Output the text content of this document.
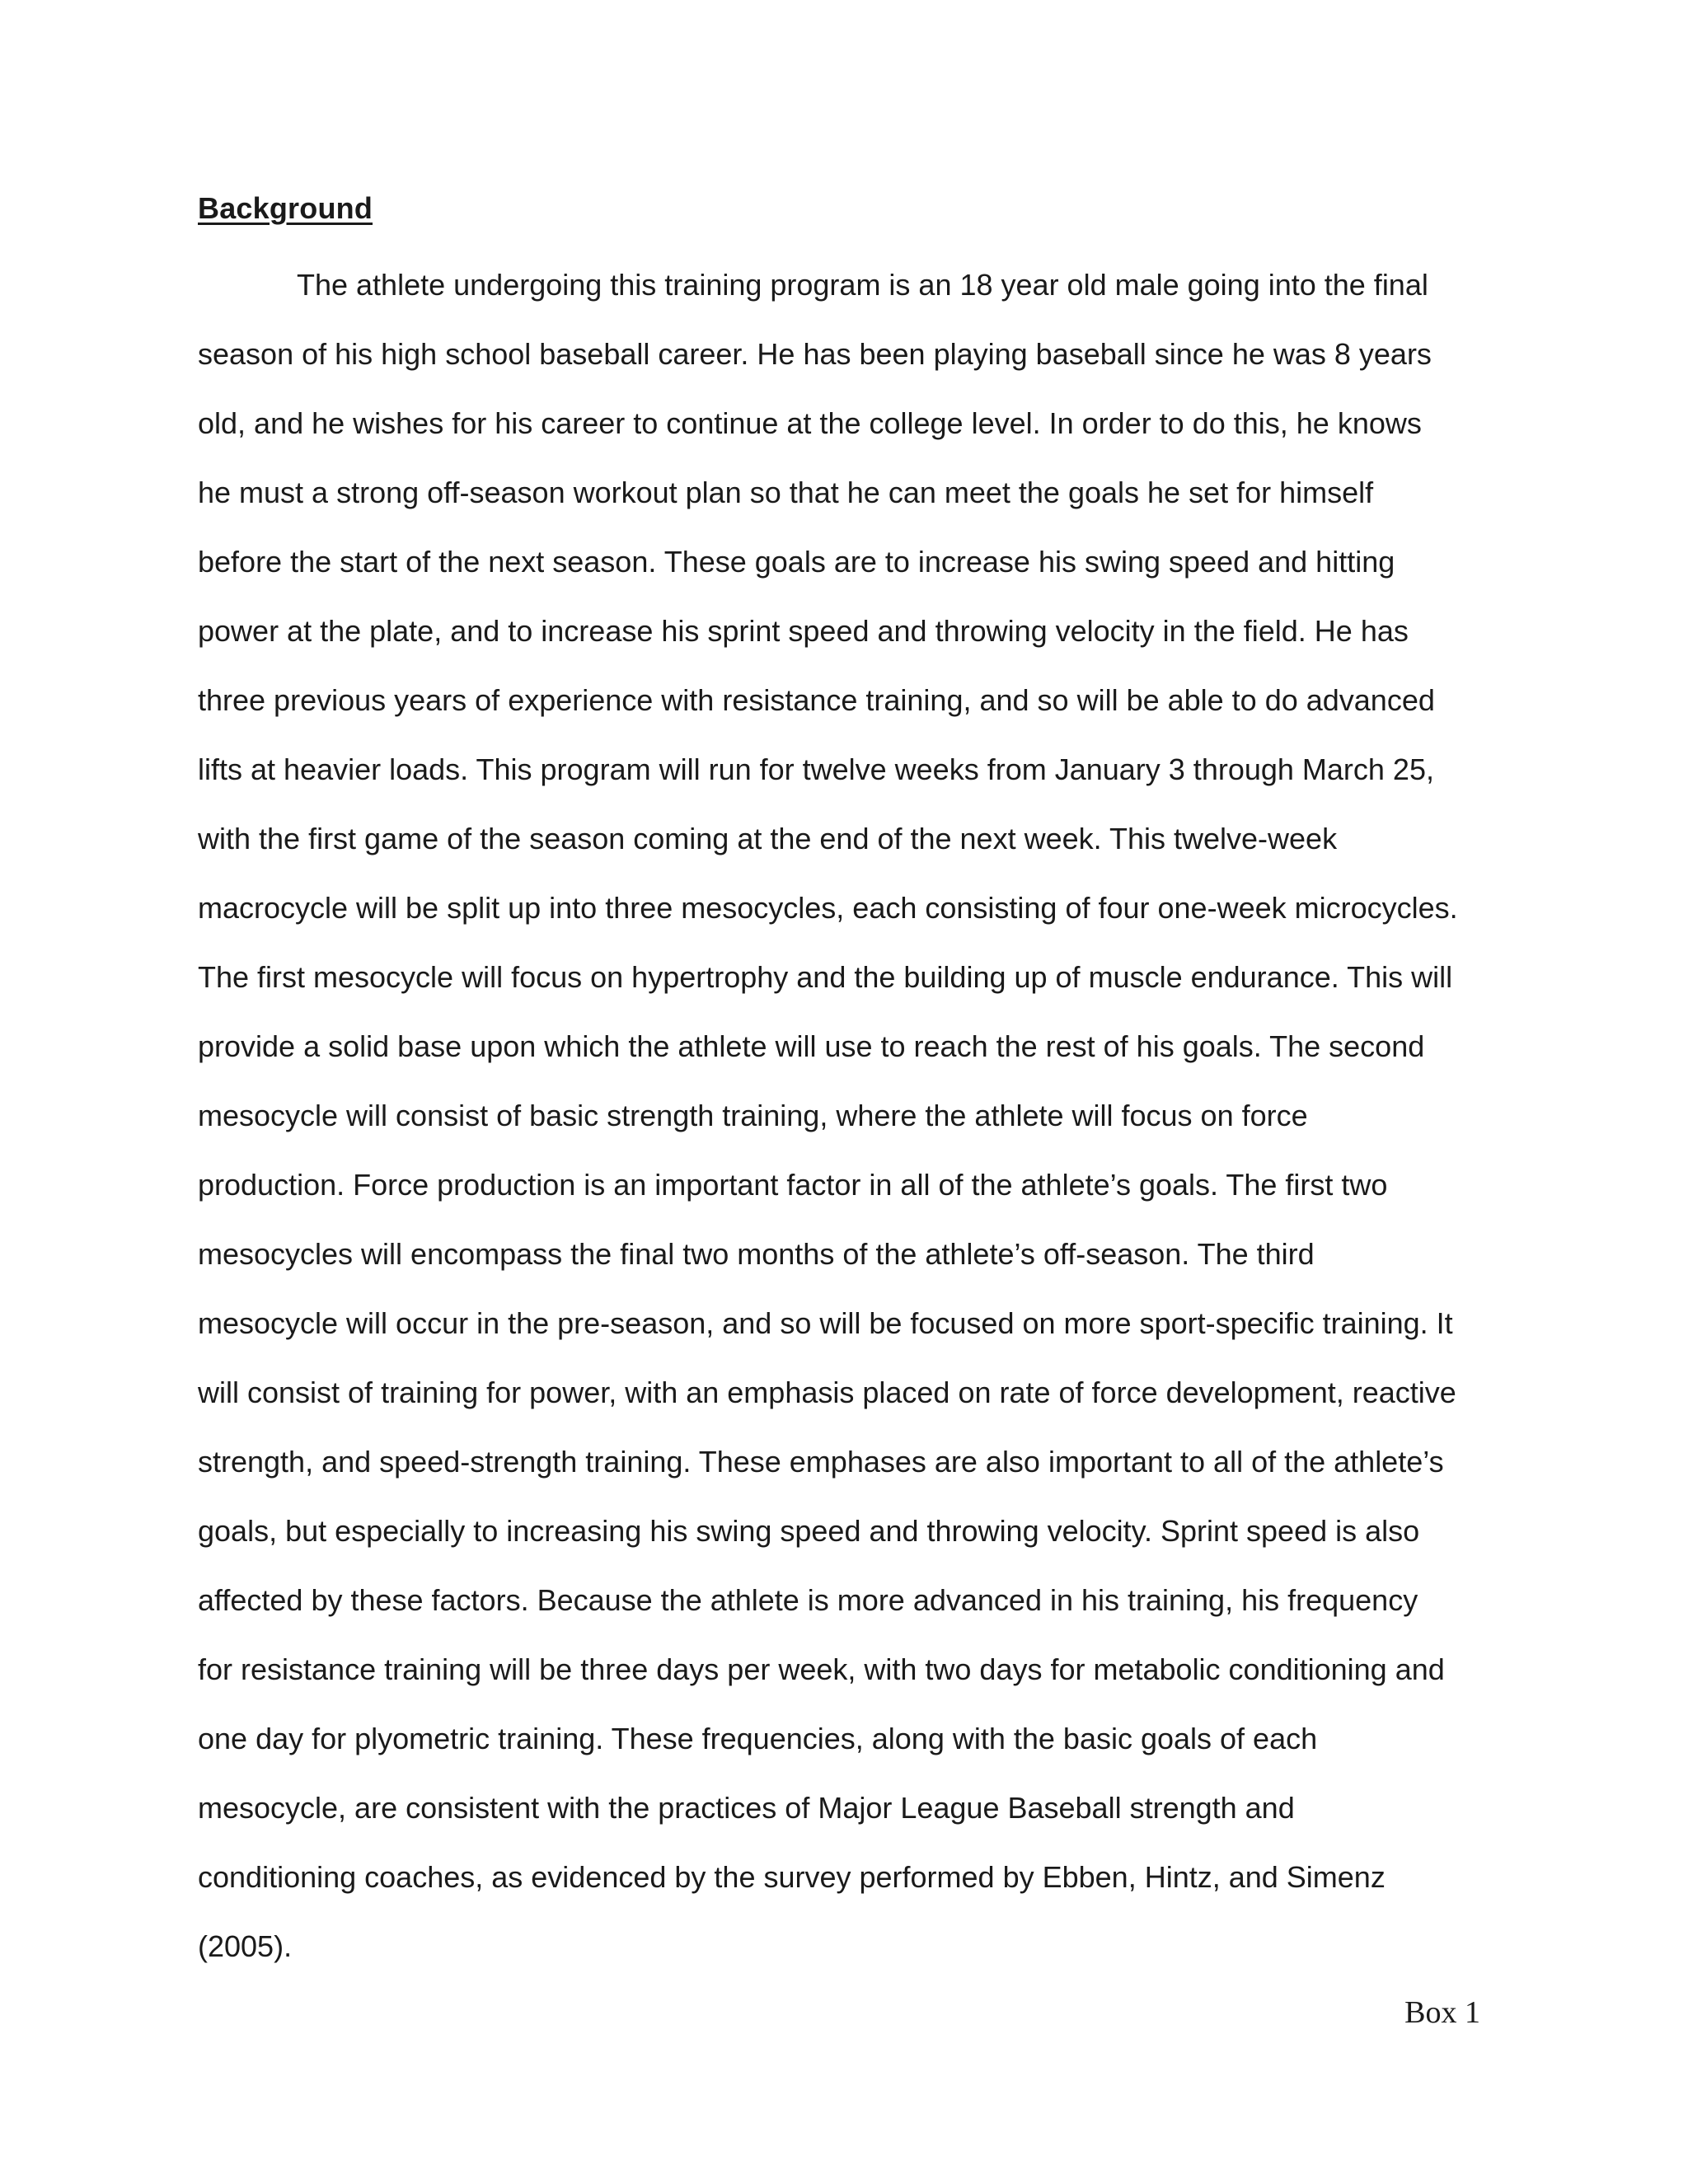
Background
The athlete undergoing this training program is an 18 year old male going into the final
season of his high school baseball career. He has been playing baseball since he was 8 years
old, and he wishes for his career to continue at the college level. In order to do this, he knows
he must a strong off-season workout plan so that he can meet the goals he set for himself
before the start of the next season. These goals are to increase his swing speed and hitting
power at the plate, and to increase his sprint speed and throwing velocity in the field. He has
three previous years of experience with resistance training, and so will be able to do advanced
lifts at heavier loads. This program will run for twelve weeks from January 3 through March 25,
with the first game of the season coming at the end of the next week. This twelve-week
macrocycle will be split up into three mesocycles, each consisting of four one-week microcycles.
The first mesocycle will focus on hypertrophy and the building up of muscle endurance. This will
provide a solid base upon which the athlete will use to reach the rest of his goals. The second
mesocycle will consist of basic strength training, where the athlete will focus on force
production. Force production is an important factor in all of the athlete’s goals. The first two
mesocycles will encompass the final two months of the athlete’s off-season. The third
mesocycle will occur in the pre-season, and so will be focused on more sport-specific training. It
will consist of training for power, with an emphasis placed on rate of force development, reactive
strength, and speed-strength training. These emphases are also important to all of the athlete’s
goals, but especially to increasing his swing speed and throwing velocity. Sprint speed is also
affected by these factors. Because the athlete is more advanced in his training, his frequency
for resistance training will be three days per week, with two days for metabolic conditioning and
one day for plyometric training. These frequencies, along with the basic goals of each
mesocycle, are consistent with the practices of Major League Baseball strength and
conditioning coaches, as evidenced by the survey performed by Ebben, Hintz, and Simenz
(2005).

Box 1
